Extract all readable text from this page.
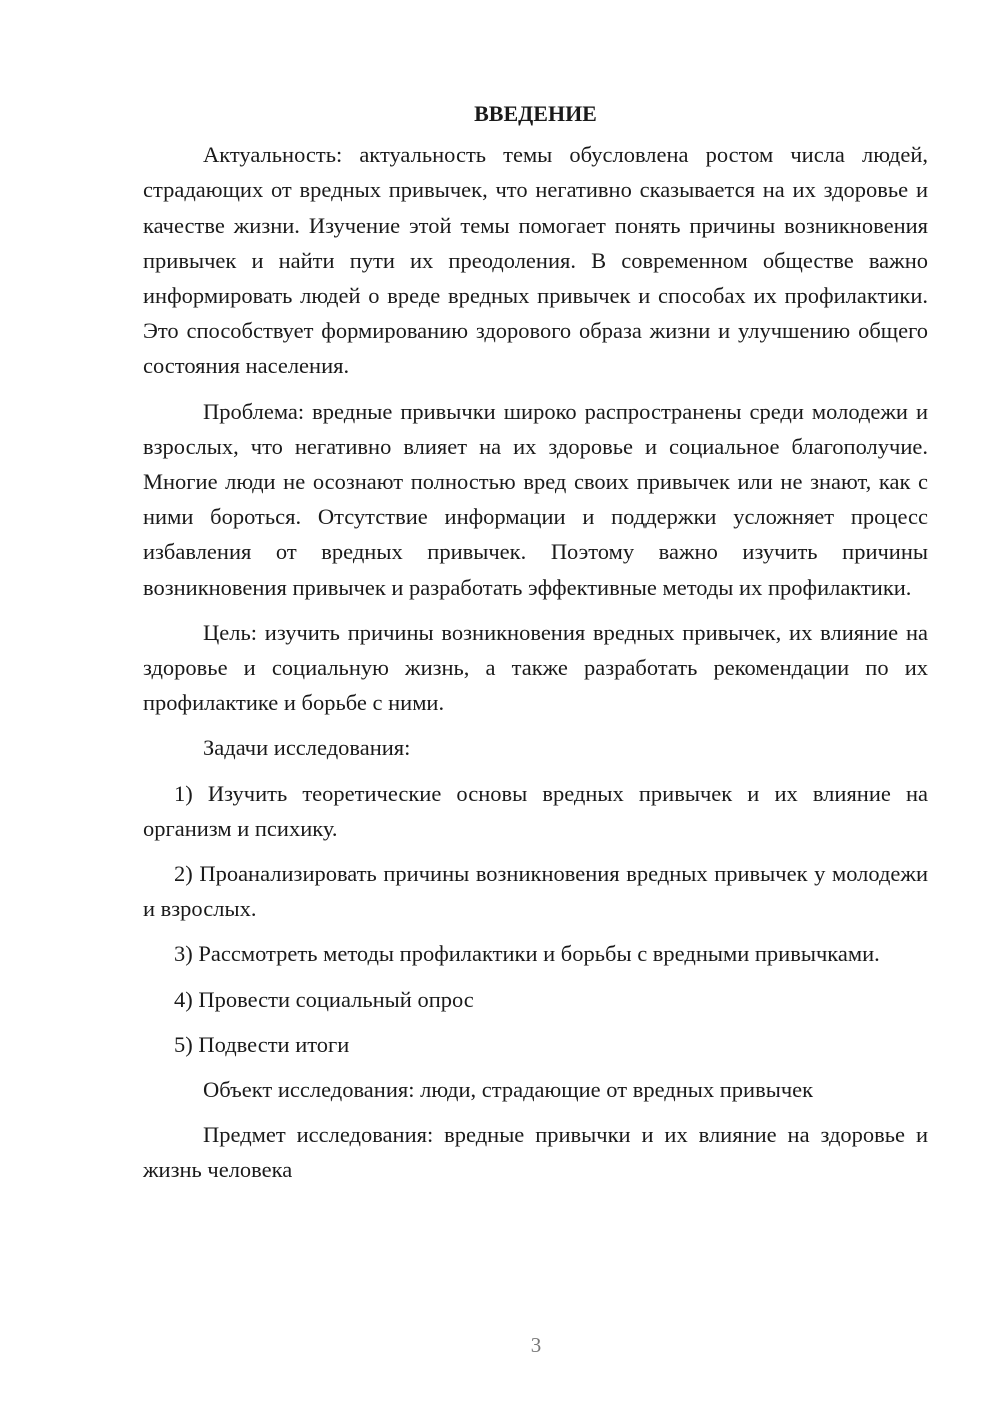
ВВЕДЕНИЕ

Актуальность: актуальность темы обусловлена ростом числа людей, страдающих от вредных привычек, что негативно сказывается на их здоровье и качестве жизни. Изучение этой темы помогает понять причины возникновения привычек и найти пути их преодоления. В современном обществе важно информировать людей о вреде вредных привычек и способах их профилактики. Это способствует формированию здорового образа жизни и улучшению общего состояния населения.

Проблема: вредные привычки широко распространены среди молодежи и взрослых, что негативно влияет на их здоровье и социальное благополучие. Многие люди не осознают полностью вред своих привычек или не знают, как с ними бороться. Отсутствие информации и поддержки усложняет процесс избавления от вредных привычек. Поэтому важно изучить причины возникновения привычек и разработать эффективные методы их профилактики.

Цель: изучить причины возникновения вредных привычек, их влияние на здоровье и социальную жизнь, а также разработать рекомендации по их профилактике и борьбе с ними.

Задачи исследования:

1) Изучить теоретические основы вредных привычек и их влияние на организм и психику.

2) Проанализировать причины возникновения вредных привычек у молодежи и взрослых.

3) Рассмотреть методы профилактики и борьбы с вредными привычками.

4) Провести социальный опрос

5) Подвести итоги

Объект исследования: люди, страдающие от вредных привычек

Предмет исследования: вредные привычки и их влияние на здоровье и жизнь человека

3
